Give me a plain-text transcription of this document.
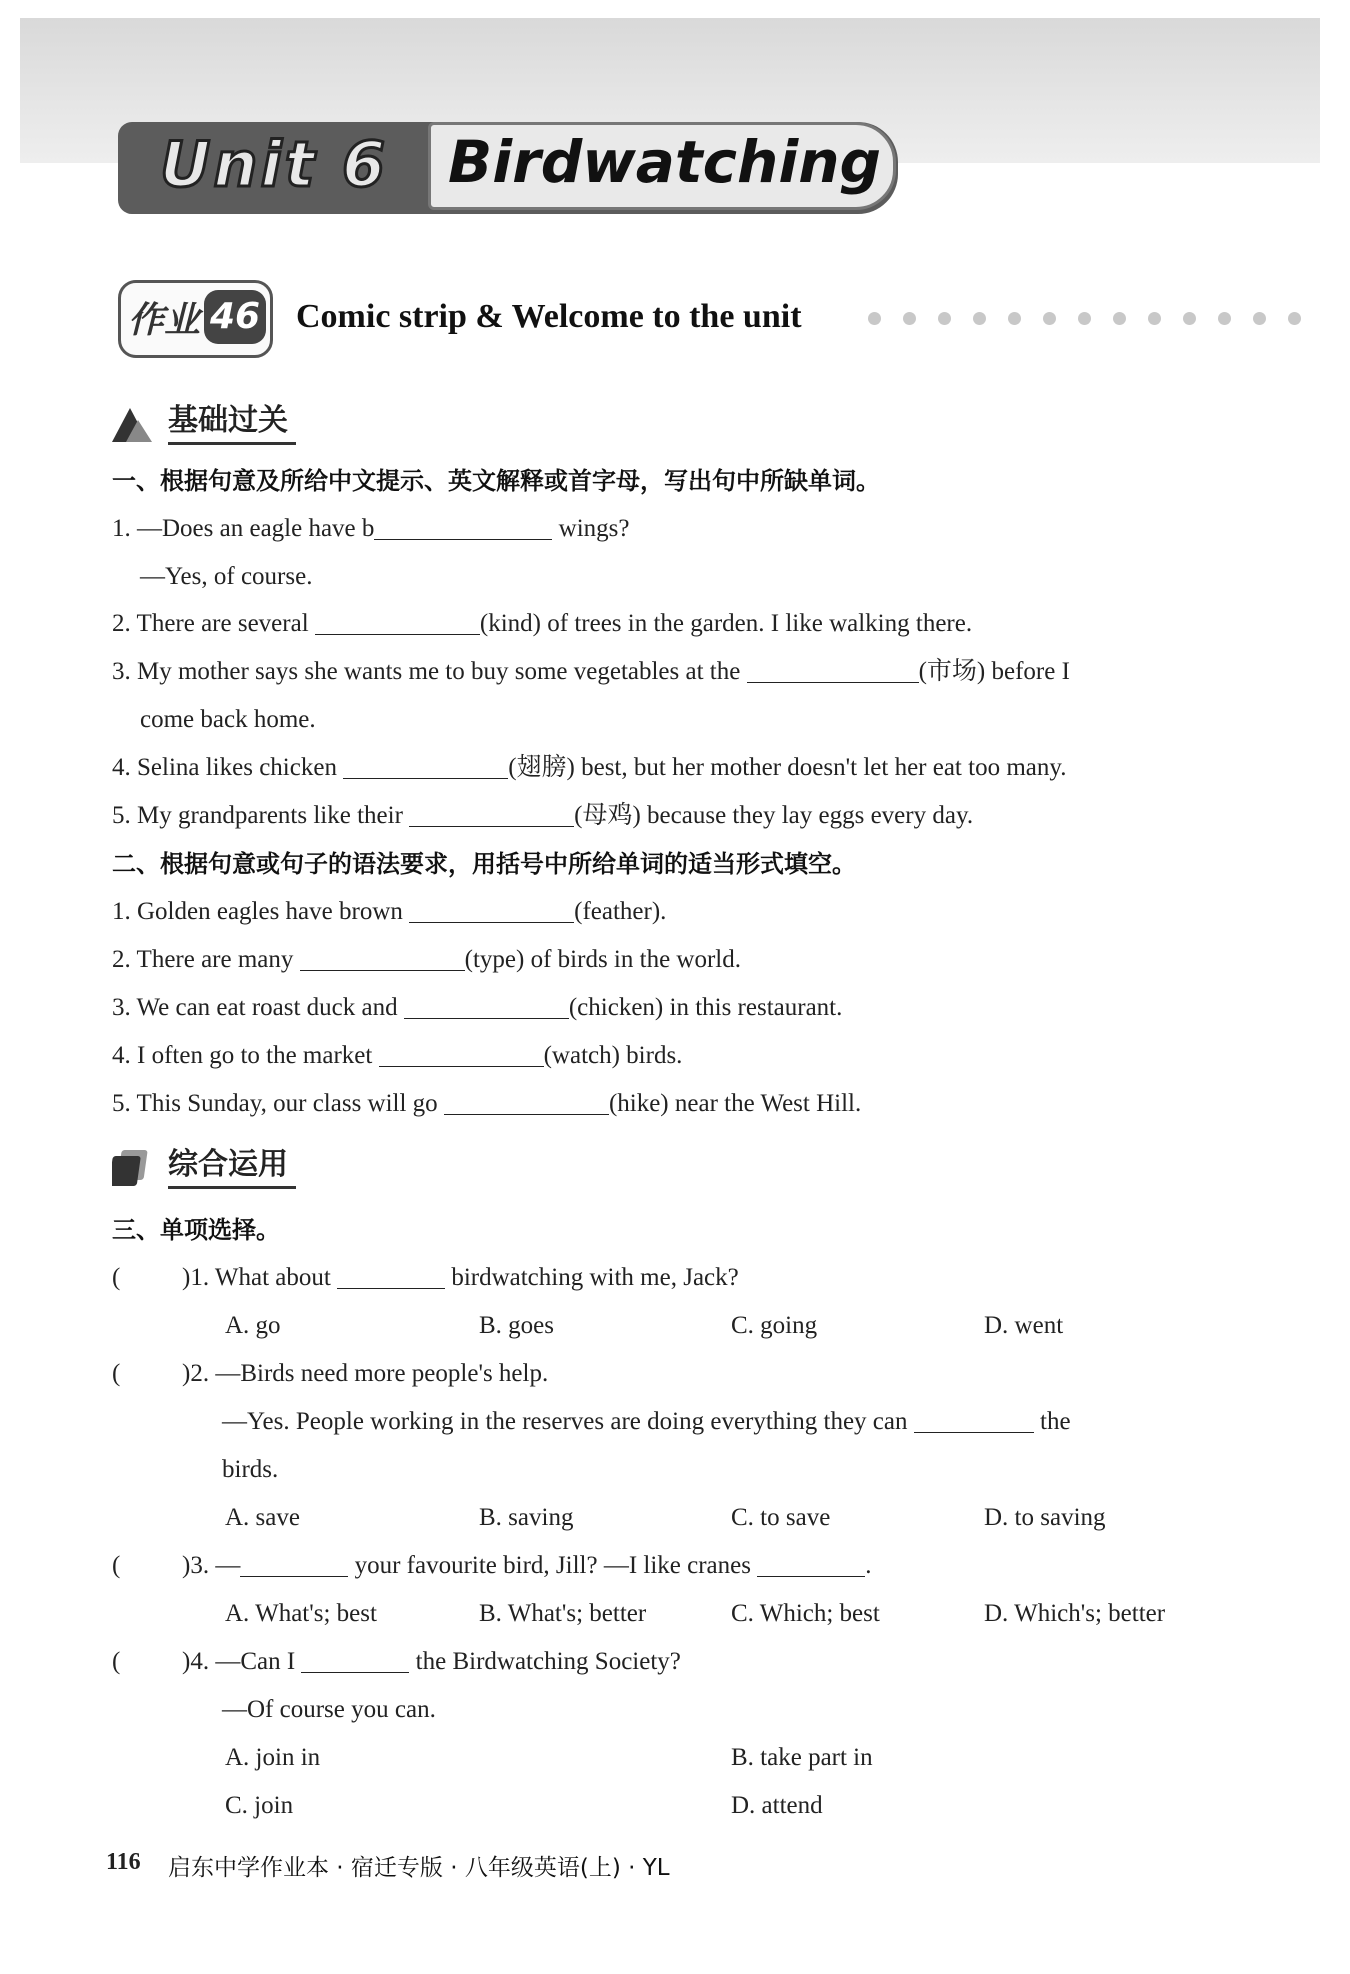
Unit 6 Birdwatching
作业 46 Comic strip & Welcome to the unit
基础过关
一、根据句意及所给中文提示、英文解释或首字母，写出句中所缺单词。
1. —Does an eagle have b	wings?
—Yes, of course.
2. There are several	(kind) of trees in the garden. I like walking there.
3. My mother says she wants me to buy some vegetables at the	(市场) before I
come back home.
4. Selina likes chicken	(翅膀) best, but her mother doesn't let her eat too many.
5. My grandparents like their	(母鸡) because they lay eggs every day.
二、根据句意或句子的语法要求，用括号中所给单词的适当形式填空。
1. Golden eagles have brown	(feather).
2. There are many	(type) of birds in the world.
3. We can eat roast duck and	(chicken) in this restaurant.
4. I often go to the market	(watch) birds.
5. This Sunday, our class will go	(hike) near the West Hill.
综合运用
三、单项选择。
( )1. What about	birdwatching with me, Jack?
A. go	B. goes	C. going	D. went
( )2. —Birds need more people's help.
—Yes. People working in the reserves are doing everything they can	the
birds.
A. save	B. saving	C. to save	D. to saving
( )3. —	your favourite bird, Jill? —I like cranes	.
A. What's; best	B. What's; better	C. Which; best	D. Which's; better
( )4. —Can I	the Birdwatching Society?
—Of course you can.
A. join in	B. take part in
C. join	D. attend
116 启东中学作业本 · 宿迁专版 · 八年级英语(上) · YL
